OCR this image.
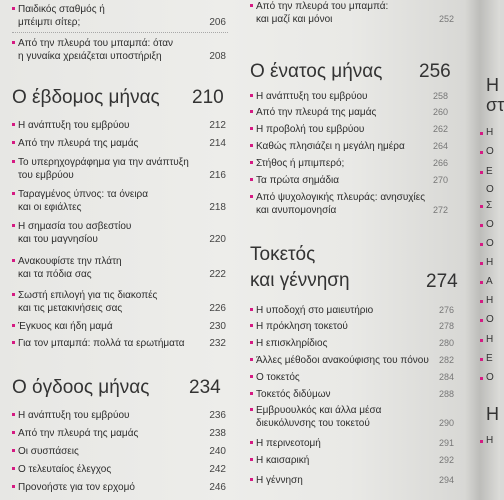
Παιδικός σταθμός ή
μπέιμπι σίτερ;	206
Από την πλευρά του μπαμπά: όταν
η γυναίκα χρειάζεται υποστήριξη	208
Ο έβδομος μήνας 210
Η ανάπτυξη του εμβρύου	212
Από την πλευρά της μαμάς	214
Το υπερηχογράφημα για την ανάπτυξη
του εμβρύου	216
Ταραγμένος ύπνος: τα όνειρα
και οι εφιάλτες	218
Η σημασία του ασβεστίου
και του μαγνησίου	220
Ανακουφίστε την πλάτη
και τα πόδια σας	222
Σωστή επιλογή για τις διακοπές
και τις μετακινήσεις σας	226
Έγκυος και ήδη μαμά	230
Για τον μπαμπά: πολλά τα ερωτήματα	232
Ο όγδοος μήνας 234
Η ανάπτυξη του εμβρύου	236
Από την πλευρά της μαμάς	238
Οι συσπάσεις	240
Ο τελευταίος έλεγχος	242
Προνοήστε για τον ερχομό	246
Από την πλευρά του μπαμπά:
και μαζί και μόνοι	252
Ο ένατος μήνας 256
Η ανάπτυξη του εμβρύου	258
Από την πλευρά της μαμάς	260
Η προβολή του εμβρύου	262
Καθώς πλησιάζει η μεγάλη ημέρα	264
Στήθος ή μπιμπερό;	266
Τα πρώτα σημάδια	270
Από ψυχολογικής πλευράς: ανησυχίες
και ανυπομονησία	272
Τοκετός
και γέννηση	274
Η υποδοχή στο μαιευτήριο	276
Η πρόκληση τοκετού	278
Η επισκληρίδιος	280
Άλλες μέθοδοι ανακούφισης του πόνου	282
Ο τοκετός	284
Τοκετός διδύμων	288
Εμβρυουλκός και άλλα μέσα
διευκόλυνσης του τοκετού	290
Η περινεοτομή	291
Η καισαρική	292
Η γέννηση	294
Η
στ
Η
Ο
Ε
Ο
Σ
Ο
Ο
Η
Α
Η
Ο
Η
Ε
Ο
Η
Η
